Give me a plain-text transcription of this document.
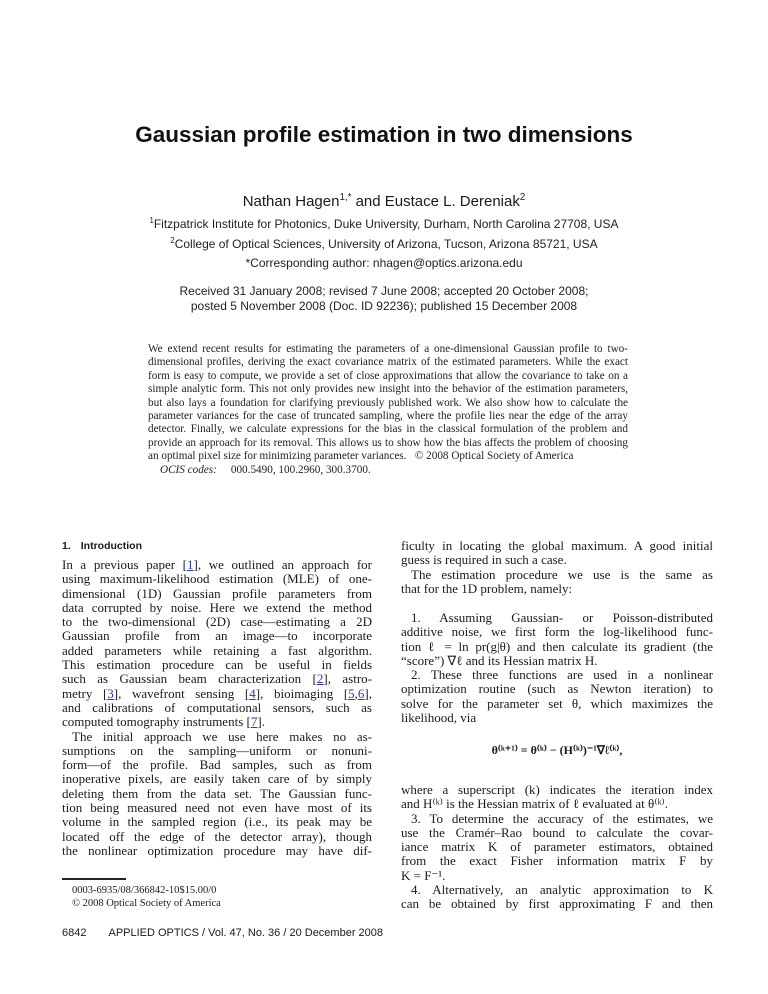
Gaussian profile estimation in two dimensions
Nathan Hagen$^{1,*}$ and Eustace L. Dereniak$^2$
$^1$Fitzpatrick Institute for Photonics, Duke University, Durham, North Carolina 27708, USA
$^2$College of Optical Sciences, University of Arizona, Tucson, Arizona 85721, USA
*Corresponding author: nhagen@optics.arizona.edu
Received 31 January 2008; revised 7 June 2008; accepted 20 October 2008;
posted 5 November 2008 (Doc. ID 92236); published 15 December 2008
We extend recent results for estimating the parameters of a one-dimensional Gaussian profile to two-dimensional profiles, deriving the exact covariance matrix of the estimated parameters. While the exact form is easy to compute, we provide a set of close approximations that allow the covariance to take on a simple analytic form. This not only provides new insight into the behavior of the estimation parameters, but also lays a foundation for clarifying previously published work. We also show how to calculate the parameter variances for the case of truncated sampling, where the profile lies near the edge of the array detector. Finally, we calculate expressions for the bias in the classical formulation of the problem and provide an approach for its removal. This allows us to show how the bias affects the problem of choosing an optimal pixel size for minimizing parameter variances. © 2008 Optical Society of America
OCIS codes: 000.5490, 100.2960, 300.3700.
1. Introduction
In a previous paper [1], we outlined an approach for
using maximum-likelihood estimation (MLE) of one-
dimensional (1D) Gaussian profile parameters from
data corrupted by noise. Here we extend the method
to the two-dimensional (2D) case—estimating a 2D
Gaussian profile from an image—to incorporate
added parameters while retaining a fast algorithm.
This estimation procedure can be useful in fields
such as Gaussian beam characterization [2], astro-
metry [3], wavefront sensing [4], bioimaging [5,6],
and calibrations of computational sensors, such as
computed tomography instruments [7].
The initial approach we use here makes no as-
sumptions on the sampling—uniform or nonuni-
form—of the profile. Bad samples, such as from
inoperative pixels, are easily taken care of by simply
deleting them from the data set. The Gaussian func-
tion being measured need not even have most of its
volume in the sampled region (i.e., its peak may be
located off the edge of the detector array), though
the nonlinear optimization procedure may have dif-
ficulty in locating the global maximum. A good initial
guess is required in such a case.
The estimation procedure we use is the same as
that for the 1D problem, namely:
1. Assuming Gaussian- or Poisson-distributed
additive noise, we first form the log-likelihood func-
tion ℓ = ln pr(g|θ) and then calculate its gradient (the
“score”) ∇ℓ and its Hessian matrix H.
2. These three functions are used in a nonlinear
optimization routine (such as Newton iteration) to
solve for the parameter set θ, which maximizes the
likelihood, via
θ⁽ᵏ⁺¹⁾ = θ⁽ᵏ⁾ − (H⁽ᵏ⁾)⁻¹∇ℓ⁽ᵏ⁾,
where a superscript (k) indicates the iteration index
and H⁽ᵏ⁾ is the Hessian matrix of ℓ evaluated at θ⁽ᵏ⁾.
3. To determine the accuracy of the estimates, we
use the Cramér–Rao bound to calculate the covar-
iance matrix K of parameter estimators, obtained
from the exact Fisher information matrix F by
K = F⁻¹.
4. Alternatively, an analytic approximation to K
can be obtained by first approximating F and then
0003-6935/08/366842-10$15.00/0
© 2008 Optical Society of America
6842 APPLIED OPTICS / Vol. 47, No. 36 / 20 December 2008
